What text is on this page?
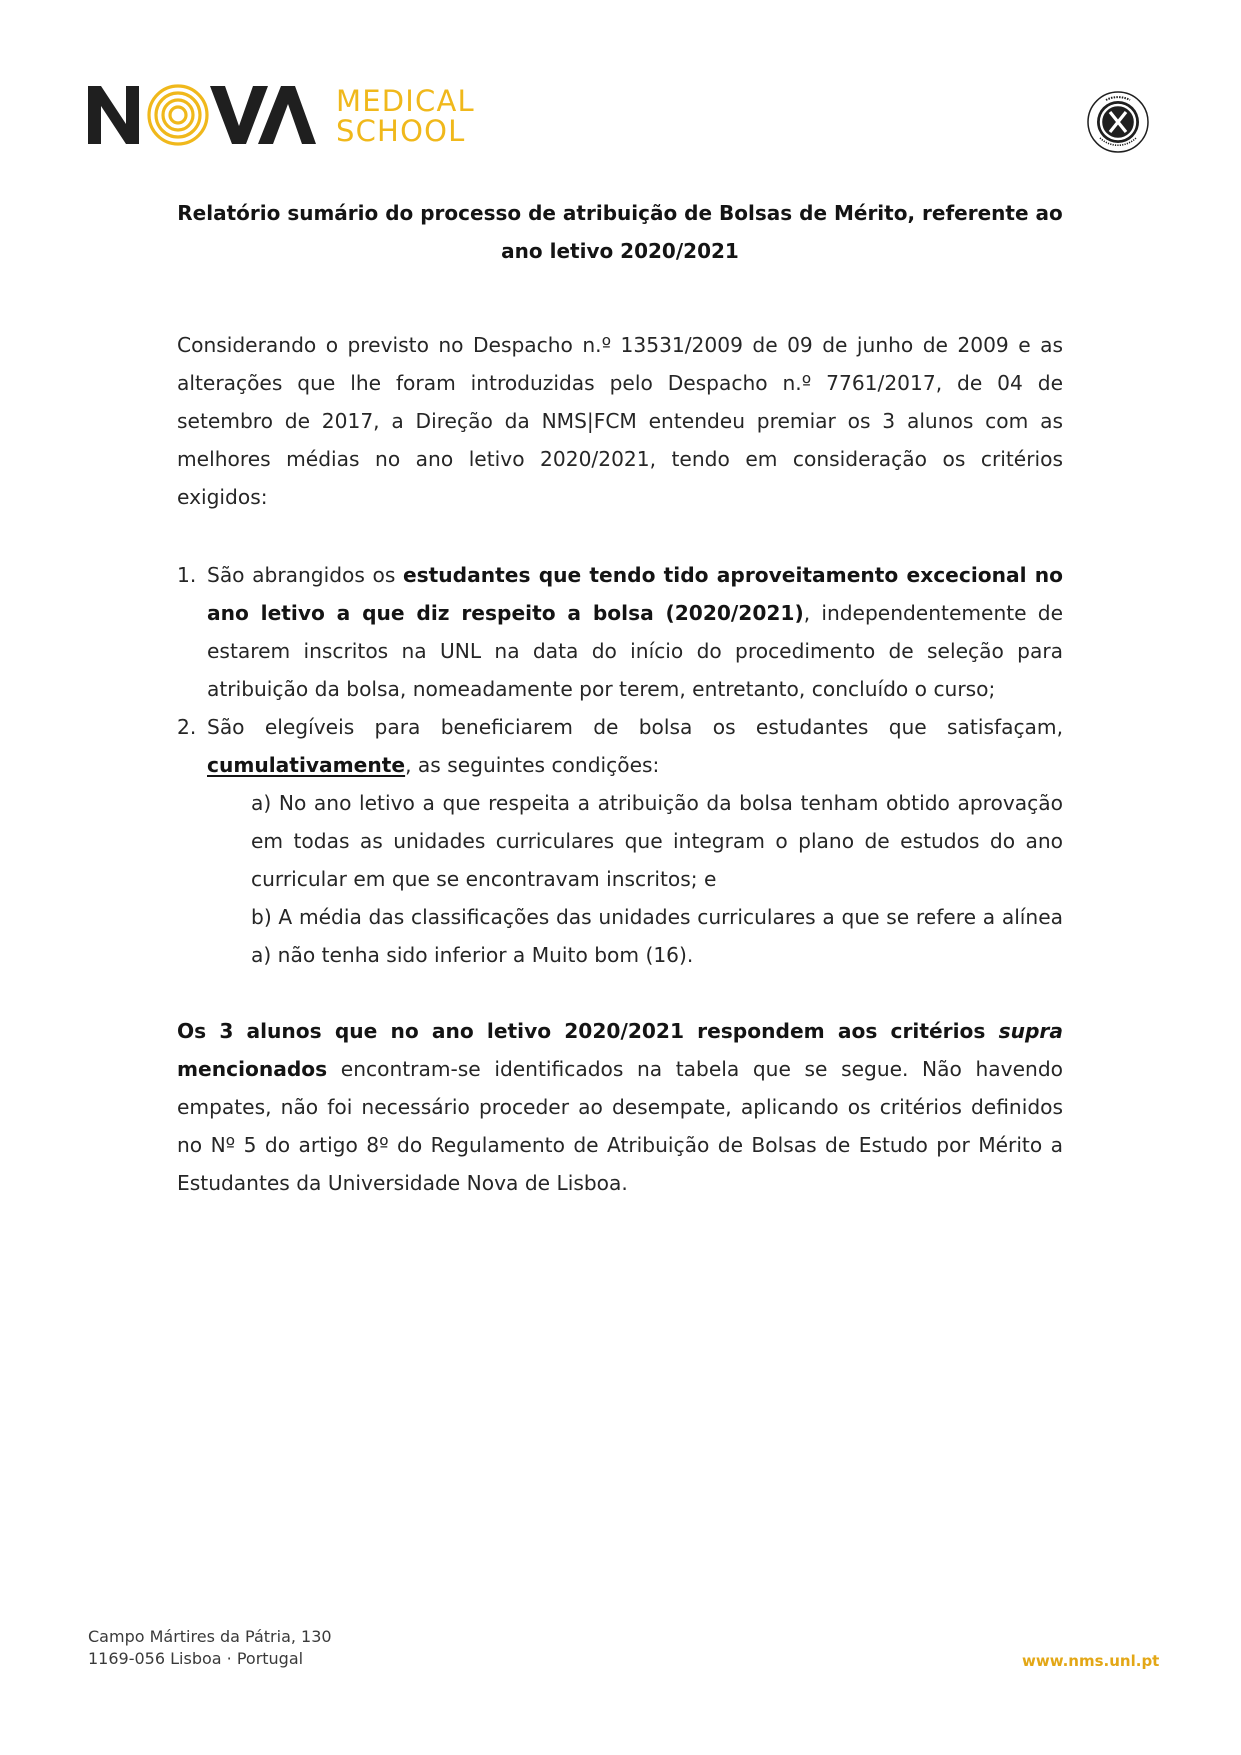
MEDICAL
SCHOOL
Relatório sumário do processo de atribuição de Bolsas de Mérito, referente ao
ano letivo 2020/2021
Considerando o previsto no Despacho n.º 13531/2009 de 09 de junho de 2009 e as alterações que lhe foram introduzidas pelo Despacho n.º 7761/2017, de 04 de setembro de 2017, a Direção da NMS|FCM entendeu premiar os 3 alunos com as melhores médias no ano letivo 2020/2021, tendo em consideração os critérios exigidos:
1. São abrangidos os estudantes que tendo tido aproveitamento excecional no ano letivo a que diz respeito a bolsa (2020/2021), independentemente de estarem inscritos na UNL na data do início do procedimento de seleção para atribuição da bolsa, nomeadamente por terem, entretanto, concluído o curso;
2. São elegíveis para beneficiarem de bolsa os estudantes que satisfaçam, cumulativamente, as seguintes condições:
a) No ano letivo a que respeita a atribuição da bolsa tenham obtido aprovação em todas as unidades curriculares que integram o plano de estudos do ano curricular em que se encontravam inscritos; e
b) A média das classificações das unidades curriculares a que se refere a alínea a) não tenha sido inferior a Muito bom (16).
Os 3 alunos que no ano letivo 2020/2021 respondem aos critérios supra mencionados encontram-se identificados na tabela que se segue. Não havendo empates, não foi necessário proceder ao desempate, aplicando os critérios definidos no Nº 5 do artigo 8º do Regulamento de Atribuição de Bolsas de Estudo por Mérito a Estudantes da Universidade Nova de Lisboa.
Campo Mártires da Pátria, 130
1169-056 Lisboa · Portugal	www.nms.unl.pt
